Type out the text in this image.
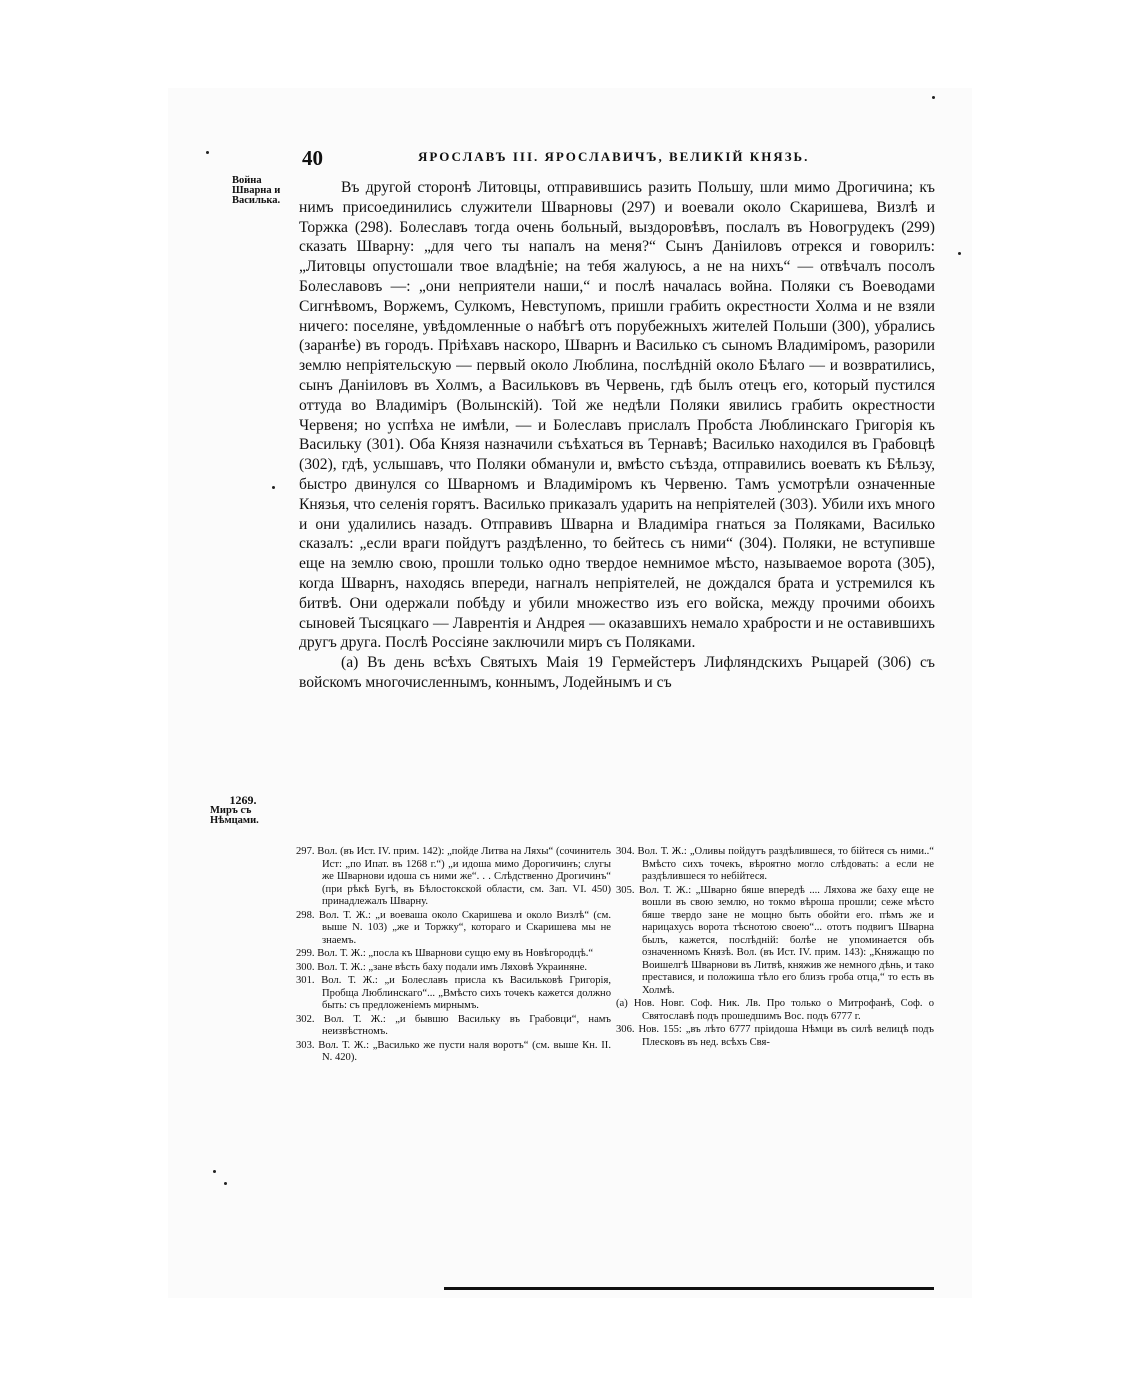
40	ЯРОСЛАВЪ III. ЯРОСЛАВИЧЪ, ВЕЛИКІЙ КНЯЗЬ.
Война Шварна и Василька.
1269.
Миръ съ Нѣмцами.

Въ другой сторонѣ Литовцы, отправившись разить Польшу, шли мимо Дрогичина; къ нимъ присоединились служители Шварновы (297) и воевали около Скаришева, Визлѣ и Торжка (298). Болеславъ тогда очень больный, выздоровѣвъ, послалъ въ Новогрудекъ (299) сказать Шварну: „для чего ты напалъ на меня?“ Сынъ Даніиловъ отрекся и говорилъ: „Литовцы опустошали твое владѣніе; на тебя жалуюсь, а не на нихъ“ — отвѣчалъ посолъ Болеславовъ —: „они неприятели наши,“ и послѣ началась война. Поляки съ Воеводами Сигнѣвомъ, Воржемъ, Сулкомъ, Невступомъ, пришли грабить окрестности Холма и не взяли ничего: поселяне, увѣдомленные о набѣгѣ отъ порубежныхъ жителей Польши (300), убрались (заранѣе) въ городъ. Пріѣхавъ наскоро, Шварнъ и Василько съ сыномъ Владиміромъ, разорили землю непріятельскую — первый около Люблина, послѣдній около Бѣлаго — и возвратились, сынъ Даніиловъ въ Холмъ, а Васильковъ въ Червень, гдѣ былъ отецъ его, который пустился оттуда во Владиміръ (Волынскій). Той же недѣли Поляки явились грабить окрестности Червеня; но успѣха не имѣли, — и Болеславъ прислалъ Пробста Люблинскаго Григорія къ Васильку (301). Оба Князя назначили съѣхаться въ Тернавѣ; Василько находился въ Грабовцѣ (302), гдѣ, услышавъ, что Поляки обманули и, вмѣсто съѣзда, отправились воевать къ Бѣльзу, быстро двинулся со Шварномъ и Владиміромъ къ Червеню. Тамъ усмотрѣли означенные Князья, что селенія горятъ. Василько приказалъ ударить на непріятелей (303). Убили ихъ много и они удалились назадъ. Отправивъ Шварна и Владиміра гнаться за Поляками, Василько сказалъ: „если враги пойдутъ раздѣленно, то бейтесь съ ними“ (304). Поляки, не вступивше еще на землю свою, прошли только одно твердое немнимое мѣсто, называемое ворота (305), когда Шварнъ, находясь впереди, нагналъ непріятелей, не дождался брата и устремился къ битвѣ. Они одержали побѣду и убили множество изъ его войска, между прочими обоихъ сыновей Тысяцкаго — Лаврентія и Андрея — оказавшихъ немало храбрости и не оставившихъ другъ друга. Послѣ Россіяне заключили миръ съ Поляками.

(а) Въ день всѣхъ Святыхъ Маія 19 Гермейстеръ Лифляндскихъ Рыцарей (306) съ войскомъ многочисленнымъ, коннымъ, Лодейнымъ и съ

297. Вол. (въ Ист. IV. прим. 142): „пойде Литва на Ляхы“ (сочинитель Ист: „по Ипат. въ 1268 г.“) „и идоша мимо Дорогичинъ; слугы же Шварнови идоша съ ними же“. . . Слѣдственно Дрогичинъ“ (при рѣкѣ Бугѣ, въ Бѣлостокской области, см. Зап. VI. 450) принадлежалъ Шварну.

298. Вол. Т. Ж.: „и воеваша около Скаришева и около Визлѣ“ (см. выше N. 103) „же и Торжку“, котораго и Скаришева мы не знаемъ.

299. Вол. Т. Ж.: „посла къ Шварнови сущю ему въ Новѣгородцѣ.“

300. Вол. Т. Ж.: „зане вѣсть баху подали имъ Ляховѣ Украиняне.

301. Вол. Т. Ж.: „и Болеславъ присла къ Васильковѣ Григорія, Пробща Люблинскаго“... „Вмѣсто сихъ точекъ кажется должно быть: съ предложеніемъ мирнымъ.

302. Вол. Т. Ж.: „и бывшю Васильку въ Грабовци“, намъ неизвѣстномъ.

303. Вол. Т. Ж.: „Василько же пусти наля воротъ“ (см. выше Кн. II. N. 420).

304. Вол. Т. Ж.: „Оливы пойдутъ раздѣлившеся, то бійтеся съ ними..“ Вмѣсто сихъ точекъ, вѣроятно могло слѣдовать: а если не раздѣлившеся то небійтеся.

305. Вол. Т. Ж.: „Шварно бяше впередѣ .... Ляхова же баху еще не вошли въ свою землю, но токмо вѣроша прошли; сеже мѣсто бяше твердо зане не мощно быть обойти его. пѣмъ же и нарицахусь ворота тѣснотою своею“... ототъ подвигъ Шварна былъ, кажется, послѣдній: болѣе не упоминается объ означенномъ Князѣ. Вол. (въ Ист. IV. прим. 143): „Княжащю по Воишелгѣ Шварнови въ Литвѣ, княжив же немного дѣнь, и тако преставися, и положиша тѣло его близъ гроба отца,“ то есть въ Холмѣ.

(а) Нов. Новг. Соф. Ник. Лв. Про только о Митрофанѣ, Соф. о Святославѣ подъ прошедшимъ Вос. подъ 6777 г.

306. Нов. 155: „въ лѣто 6777 пріидоша Нѣмци въ силѣ велицѣ подъ Плесковъ въ нед. всѣхъ Свя-
